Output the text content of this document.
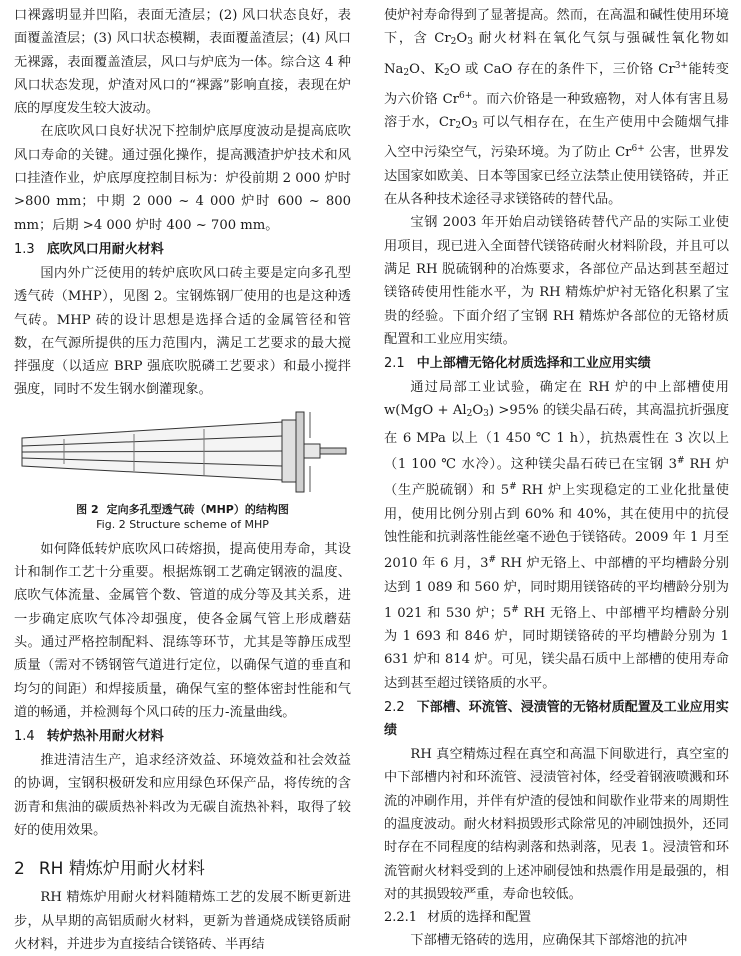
口裸露明显并凹陷，表面无渣层；(2) 风口状态良好，表面覆盖渣层；(3) 风口状态模糊，表面覆盖渣层；(4) 风口无裸露，表面覆盖渣层，风口与炉底为一体。综合这 4 种风口状态发现，炉渣对风口的“裸露”影响直接，表现在炉底的厚度发生较大波动。

在底吹风口良好状况下控制炉底厚度波动是提高底吹风口寿命的关键。通过强化操作，提高溅渣护炉技术和风口挂渣作业，炉底厚度控制目标为：炉役前期 2 000 炉时 >800 mm；中期 2 000 ~ 4 000 炉时 600 ~ 800 mm；后期 >4 000 炉时 400 ~ 700 mm。

1.3 底吹风口用耐火材料

国内外广泛使用的转炉底吹风口砖主要是定向多孔型透气砖（MHP），见图 2。宝钢炼钢厂使用的也是这种透气砖。MHP 砖的设计思想是选择合适的金属管径和管数，在气源所提供的压力范围内，满足工艺要求的最大搅拌强度（以适应 BRP 强底吹脱磷工艺要求）和最小搅拌强度，同时不发生钢水倒灌现象。

图 2 定向多孔型透气砖（MHP）的结构图
Fig. 2 Structure scheme of MHP

如何降低转炉底吹风口砖熔损，提高使用寿命，其设计和制作工艺十分重要。根据炼钢工艺确定钢液的温度、底吹气体流量、金属管个数、管道的成分等及其关系，进一步确定底吹气体冷却强度，使各金属气管上形成蘑菇头。通过严格控制配料、混练等环节，尤其是等静压成型质量（需对不锈钢管气道进行定位，以确保气道的垂直和均匀的间距）和焊接质量，确保气室的整体密封性能和气道的畅通，并检测每个风口砖的压力-流量曲线。

1.4 转炉热补用耐火材料

推进清洁生产，追求经济效益、环境效益和社会效益的协调，宝钢积极研发和应用绿色环保产品，将传统的含沥青和焦油的碳质热补料改为无碳自流热补料，取得了较好的使用效果。

2 RH 精炼炉用耐火材料

RH 精炼炉用耐火材料随精炼工艺的发展不断更新进步，从早期的高铝质耐火材料，更新为普通烧成镁铬质耐火材料，并进步为直接结合镁铬砖、半再结

使炉衬寿命得到了显著提高。然而，在高温和碱性使用环境下，含 $Cr_2O_3$ 耐火材料在氧化气氛与强碱性氧化物如 $Na_2O$、$K_2O$ 或 CaO 存在的条件下，三价铬 $Cr^{3+}$能转变为六价铬 $Cr^{6+}$。而六价铬是一种致癌物，对人体有害且易溶于水，$Cr_2O_3$ 可以气相存在，在生产使用中会随烟气排入空中污染空气，污染环境。为了防止 $Cr^{6+}$ 公害，世界发达国家如欧美、日本等国家已经立法禁止使用镁铬砖，并正在从各种技术途径寻求镁铬砖的替代品。

宝钢 2003 年开始启动镁铬砖替代产品的实际工业使用项目，现已进入全面替代镁铬砖耐火材料阶段，并且可以满足 RH 脱硫钢种的冶炼要求，各部位产品达到甚至超过镁铬砖使用性能水平，为 RH 精炼炉炉衬无铬化积累了宝贵的经验。下面介绍了宝钢 RH 精炼炉各部位的无铬材质配置和工业应用实绩。

2.1 中上部槽无铬化材质选择和工业应用实绩

通过局部工业试验，确定在 RH 炉的中上部槽使用 $w(MgO + Al_2O_3) >95\%$ 的镁尖晶石砖，其高温抗折强度在 6 MPa 以上（1 450 ℃ 1 h），抗热震性在 3 次以上（1 100 ℃ 水冷）。这种镁尖晶石砖已在宝钢 3# RH 炉（生产脱硫钢）和 5# RH 炉上实现稳定的工业化批量使用，使用比例分别占到 60% 和 40%，其在使用中的抗侵蚀性能和抗剥落性能丝毫不逊色于镁铬砖。2009 年 1 月至 2010 年 6 月，3# RH 炉无铬上、中部槽的平均槽龄分别达到 1 089 和 560 炉，同时期用镁铬砖的平均槽龄分别为 1 021 和 530 炉；5# RH 无铬上、中部槽平均槽龄分别为 1 693 和 846 炉，同时期镁铬砖的平均槽龄分别为 1 631 炉和 814 炉。可见，镁尖晶石质中上部槽的使用寿命达到甚至超过镁铬质的水平。

2.2 下部槽、环流管、浸渍管的无铬材质配置及工业应用实绩

RH 真空精炼过程在真空和高温下间歇进行，真空室的中下部槽内衬和环流管、浸渍管衬体，经受着钢液喷溅和环流的冲刷作用，并伴有炉渣的侵蚀和间歇作业带来的周期性的温度波动。耐火材料损毁形式除常见的冲刷蚀损外，还同时存在不同程度的结构剥落和热剥落，见表 1。浸渍管和环流管耐火材料受到的上述冲刷侵蚀和热震作用是最强的，相对的其损毁较严重，寿命也较低。

2.2.1 材质的选择和配置

下部槽无铬砖的选用，应确保其下部熔池的抗冲
